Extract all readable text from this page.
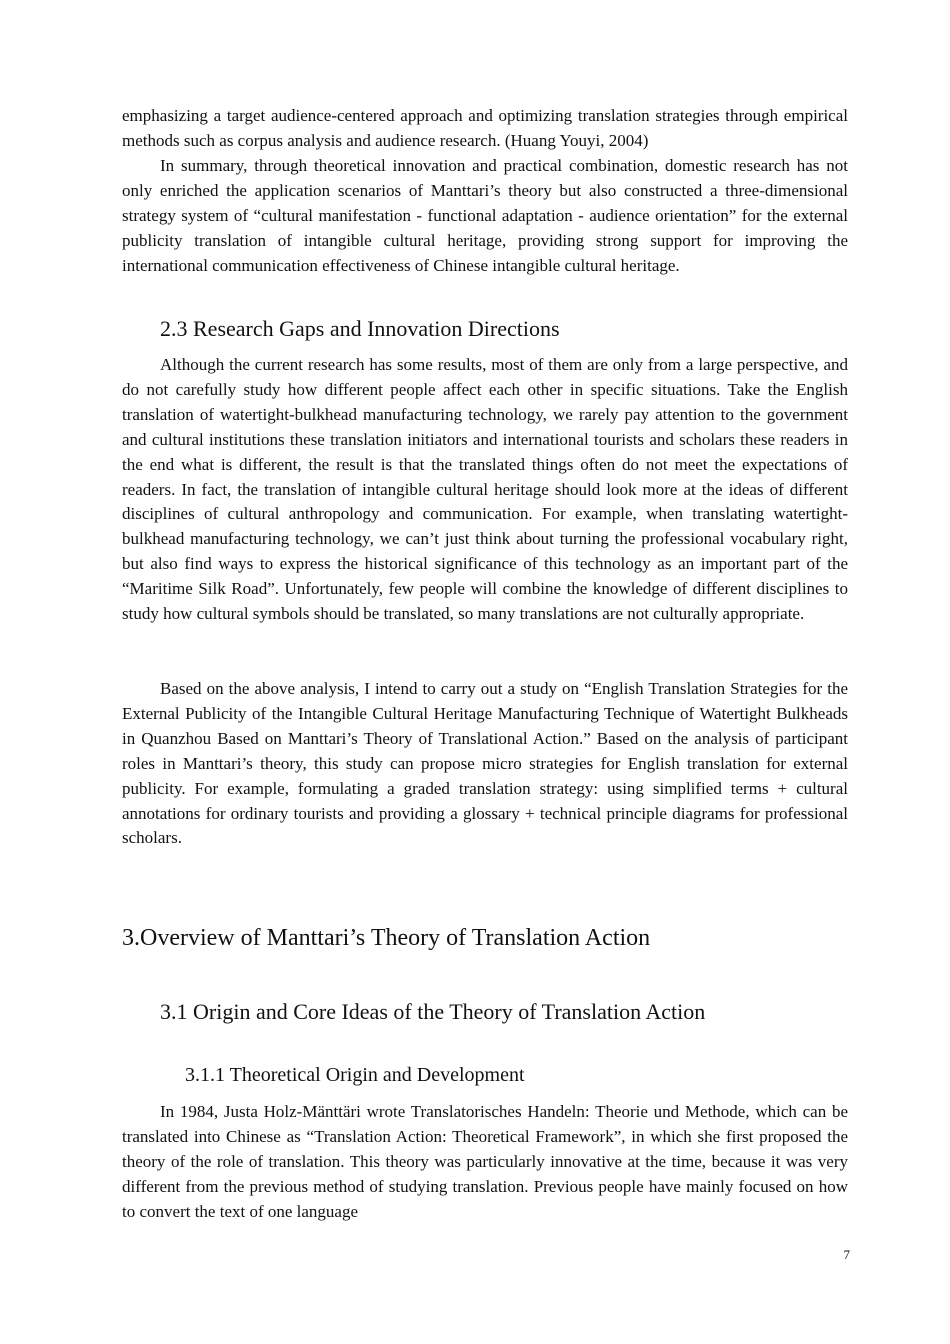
emphasizing a target audience-centered approach and optimizing translation strategies through empirical methods such as corpus analysis and audience research. (Huang Youyi, 2004)

In summary, through theoretical innovation and practical combination, domestic research has not only enriched the application scenarios of Manttari’s theory but also constructed a three-dimensional strategy system of “cultural manifestation - functional adaptation - audience orientation” for the external publicity translation of intangible cultural heritage, providing strong support for improving the international communication effectiveness of Chinese intangible cultural heritage.

2.3 Research Gaps and Innovation Directions

Although the current research has some results, most of them are only from a large perspective, and do not carefully study how different people affect each other in specific situations. Take the English translation of watertight-bulkhead manufacturing technology, we rarely pay attention to the government and cultural institutions these translation initiators and international tourists and scholars these readers in the end what is different, the result is that the translated things often do not meet the expectations of readers. In fact, the translation of intangible cultural heritage should look more at the ideas of different disciplines of cultural anthropology and communication. For example, when translating watertight-bulkhead manufacturing technology, we can’t just think about turning the professional vocabulary right, but also find ways to express the historical significance of this technology as an important part of the “Maritime Silk Road”. Unfortunately, few people will combine the knowledge of different disciplines to study how cultural symbols should be translated, so many translations are not culturally appropriate.

Based on the above analysis, I intend to carry out a study on “English Translation Strategies for the External Publicity of the Intangible Cultural Heritage Manufacturing Technique of Watertight Bulkheads in Quanzhou Based on Manttari’s Theory of Translational Action.” Based on the analysis of participant roles in Manttari’s theory, this study can propose micro strategies for English translation for external publicity. For example, formulating a graded translation strategy: using simplified terms + cultural annotations for ordinary tourists and providing a glossary + technical principle diagrams for professional scholars.

3.Overview of Manttari’s Theory of Translation Action
3.1 Origin and Core Ideas of the Theory of Translation Action
3.1.1 Theoretical Origin and Development

In 1984, Justa Holz-Mänttäri wrote Translatorisches Handeln: Theorie und Methode, which can be translated into Chinese as “Translation Action: Theoretical Framework”, in which she first proposed the theory of the role of translation. This theory was particularly innovative at the time, because it was very different from the previous method of studying translation. Previous people have mainly focused on how to convert the text of one language

7
